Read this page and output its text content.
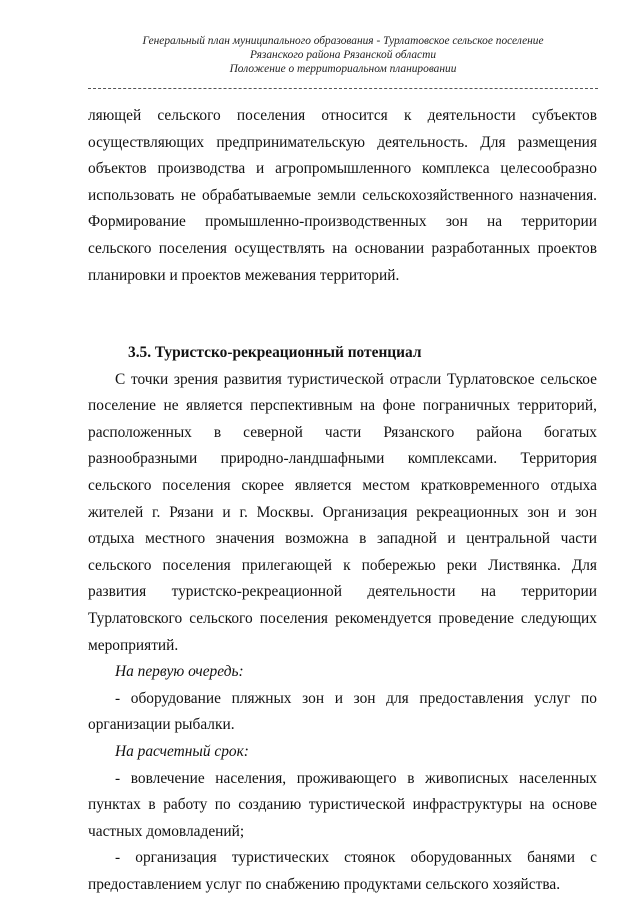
Генеральный план муниципального образования - Турлатовское сельское поселение
Рязанского района Рязанской области
Положение о территориальном планировании

ляющей сельского поселения относится к деятельности субъектов осуществляющих предпринимательскую деятельность. Для размещения объектов производства и агропромышленного комплекса целесообразно использовать не обрабатываемые земли сельскохозяйственного назначения. Формирование промышленно-производственных зон на территории сельского поселения осуществлять на основании разработанных проектов планировки и проектов межевания территорий.

3.5. Туристско-рекреационный потенциал

С точки зрения развития туристической отрасли Турлатовское сельское поселение не является перспективным на фоне пограничных территорий, расположенных в северной части Рязанского района богатых разнообразными природно-ландшафными комплексами. Территория сельского поселения скорее является местом кратковременного отдыха жителей г. Рязани и г. Москвы. Организация рекреационных зон и зон отдыха местного значения возможна в западной и центральной части сельского поселения прилегающей к побережью реки Листвянка. Для развития туристско-рекреационной деятельности на территории Турлатовского сельского поселения рекомендуется проведение следующих мероприятий.

На первую очередь:

- оборудование пляжных зон и зон для предоставления услуг по организации рыбалки.

На расчетный срок:

- вовлечение населения, проживающего в живописных населенных пунктах в работу по созданию туристической инфраструктуры на основе частных домовладений;

- организация туристических стоянок оборудованных банями с предоставлением услуг по снабжению продуктами сельского хозяйства.
